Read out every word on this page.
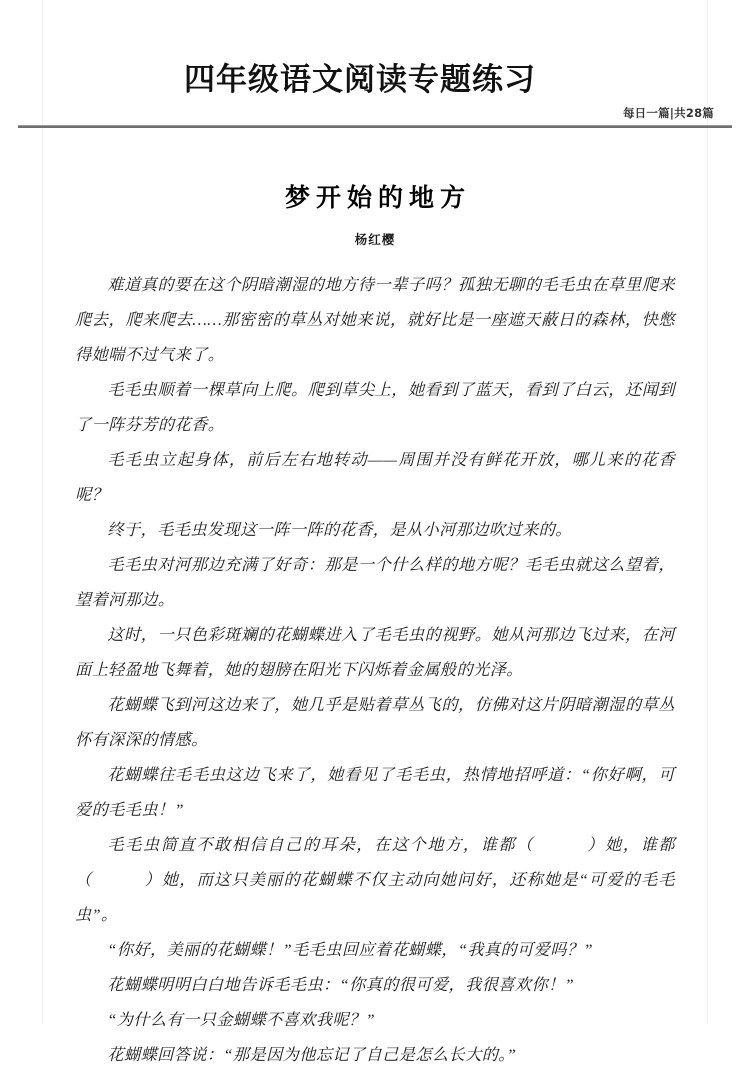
四年级语文阅读专题练习
每日一篇|共28篇
梦开始的地方
杨红樱

难道真的要在这个阴暗潮湿的地方待一辈子吗？孤独无聊的毛毛虫在草里爬来爬去，爬来爬去……那密密的草丛对她来说，就好比是一座遮天蔽日的森林，快憋得她喘不过气来了。

毛毛虫顺着一棵草向上爬。爬到草尖上，她看到了蓝天，看到了白云，还闻到了一阵芬芳的花香。

毛毛虫立起身体，前后左右地转动——周围并没有鲜花开放，哪儿来的花香呢？

终于，毛毛虫发现这一阵一阵的花香，是从小河那边吹过来的。

毛毛虫对河那边充满了好奇：那是一个什么样的地方呢？毛毛虫就这么望着，望着河那边。

这时，一只色彩斑斓的花蝴蝶进入了毛毛虫的视野。她从河那边飞过来，在河面上轻盈地飞舞着，她的翅膀在阳光下闪烁着金属般的光泽。

花蝴蝶飞到河这边来了，她几乎是贴着草丛飞的，仿佛对这片阴暗潮湿的草丛怀有深深的情感。

花蝴蝶往毛毛虫这边飞来了，她看见了毛毛虫，热情地招呼道：“你好啊，可爱的毛毛虫！”

毛毛虫简直不敢相信自己的耳朵，在这个地方，谁都（　　　）她，谁都（　　　）她，而这只美丽的花蝴蝶不仅主动向她问好，还称她是“可爱的毛毛虫”。

“你好，美丽的花蝴蝶！”毛毛虫回应着花蝴蝶，“我真的可爱吗？”

花蝴蝶明明白白地告诉毛毛虫：“你真的很可爱，我很喜欢你！”

“为什么有一只金蝴蝶不喜欢我呢？”

花蝴蝶回答说：“那是因为他忘记了自己是怎么长大的。”
